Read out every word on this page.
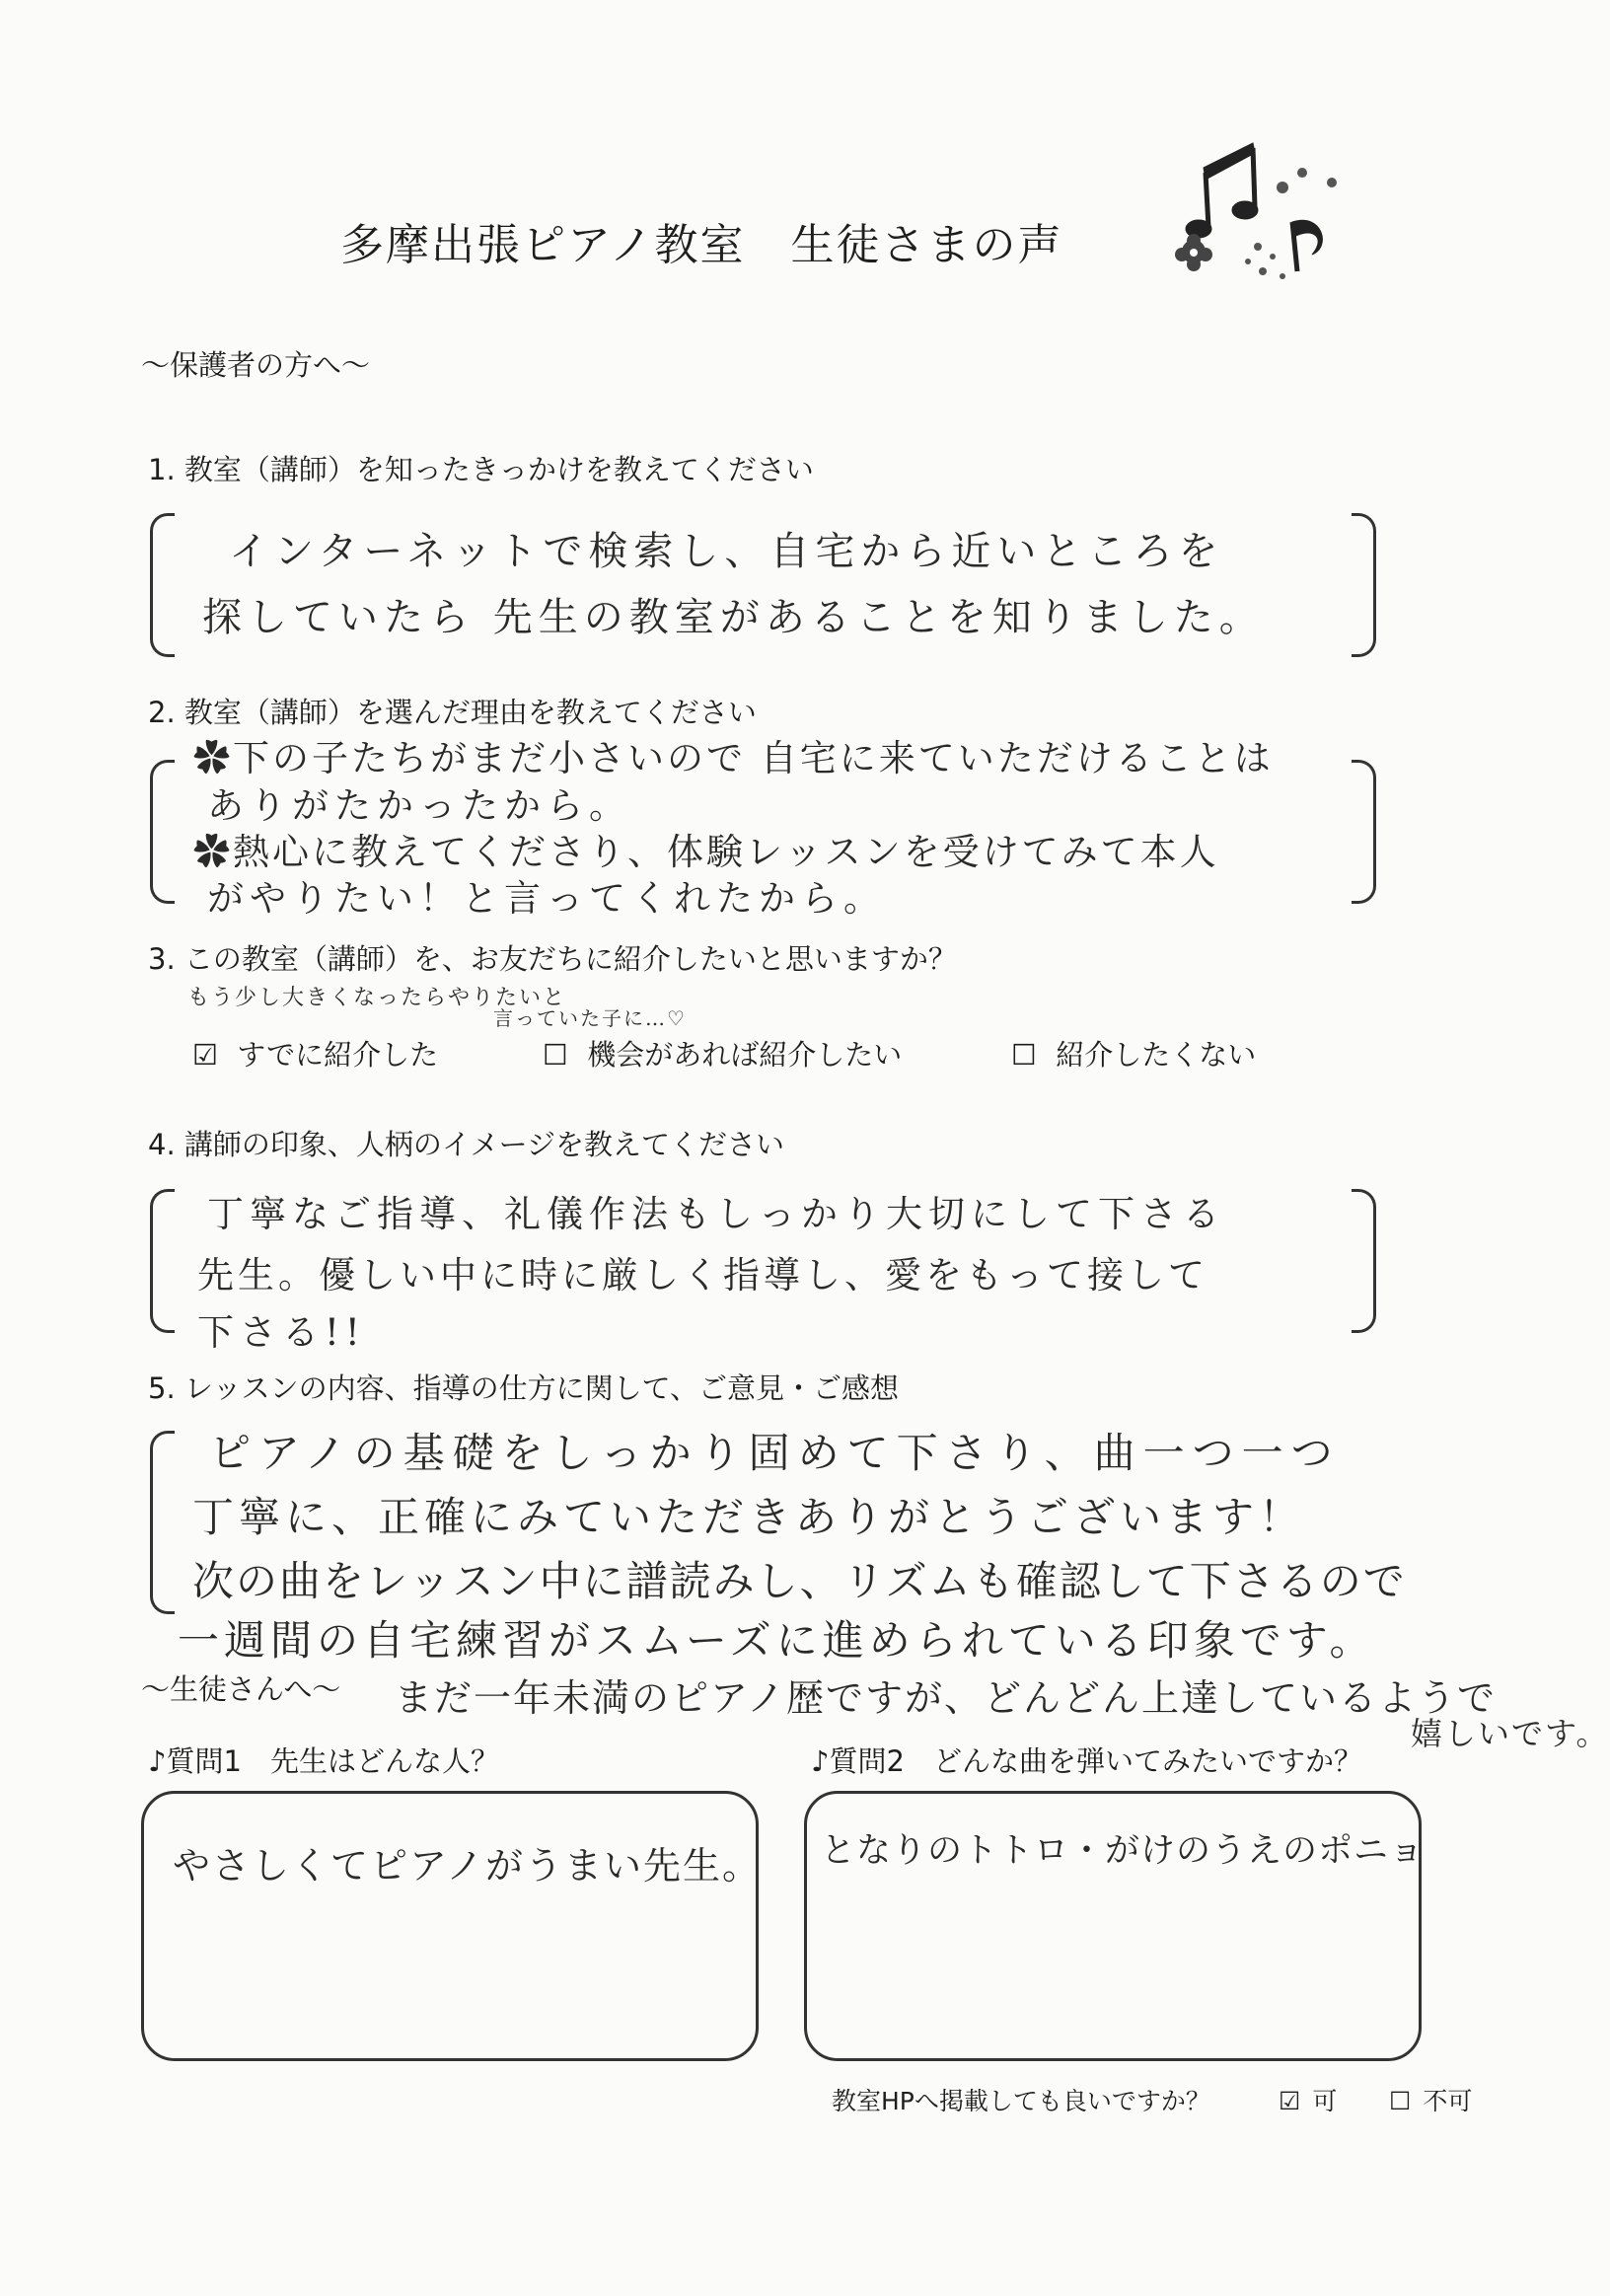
多摩出張ピアノ教室　生徒さまの声
～保護者の方へ～
1. 教室（講師）を知ったきっかけを教えてください
インターネットで検索し、自宅から近いところを
探していたら 先生の教室があることを知りました。
2. 教室（講師）を選んだ理由を教えてください
✿下の子たちがまだ小さいので 自宅に来ていただけることは
ありがたかったから。
✿熱心に教えてくださり、体験レッスンを受けてみて本人
がやりたい！と言ってくれたから。
3. この教室（講師）を、お友だちに紹介したいと思いますか？
もう少し大きくなったらやりたいと
言っていた子に…♡
☑ すでに紹介した	☐ 機会があれば紹介したい	☐ 紹介したくない
4. 講師の印象、人柄のイメージを教えてください
丁寧なご指導、礼儀作法もしっかり大切にして下さる
先生。優しい中に時に厳しく指導し、愛をもって接して
下さる!!
5. レッスンの内容、指導の仕方に関して、ご意見・ご感想
ピアノの基礎をしっかり固めて下さり、曲一つ一つ
丁寧に、正確にみていただきありがとうございます！
次の曲をレッスン中に譜読みし、リズムも確認して下さるので
一週間の自宅練習がスムーズに進められている印象です。
まだ一年未満のピアノ歴ですが、どんどん上達しているようで
嬉しいです。
～生徒さんへ～
♪質問1　先生はどんな人？	♪質問2　どんな曲を弾いてみたいですか？
やさしくてピアノがうまい先生。 となりのトトロ・がけのうえのポニョ
教室HPへ掲載しても良いですか？	☑ 可 ☐ 不可
